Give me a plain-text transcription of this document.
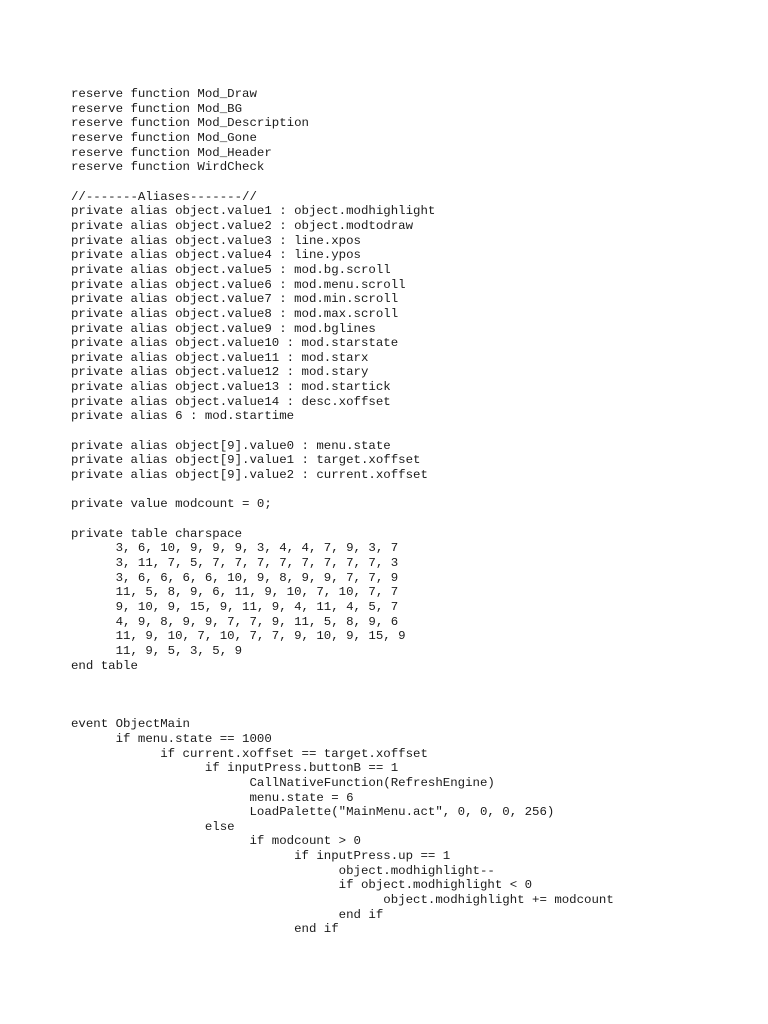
reserve function Mod_Draw
reserve function Mod_BG
reserve function Mod_Description
reserve function Mod_Gone
reserve function Mod_Header
reserve function WirdCheck
//-------Aliases-------//
private alias object.value1 : object.modhighlight
private alias object.value2 : object.modtodraw
private alias object.value3 : line.xpos
private alias object.value4 : line.ypos
private alias object.value5 : mod.bg.scroll
private alias object.value6 : mod.menu.scroll
private alias object.value7 : mod.min.scroll
private alias object.value8 : mod.max.scroll
private alias object.value9 : mod.bglines
private alias object.value10 : mod.starstate
private alias object.value11 : mod.starx
private alias object.value12 : mod.stary
private alias object.value13 : mod.startick
private alias object.value14 : desc.xoffset
private alias 6 : mod.startime
private alias object[9].value0 : menu.state
private alias object[9].value1 : target.xoffset
private alias object[9].value2 : current.xoffset
private value modcount = 0;
private table charspace
3, 6, 10, 9, 9, 9, 3, 4, 4, 7, 9, 3, 7
3, 11, 7, 5, 7, 7, 7, 7, 7, 7, 7, 7, 3
3, 6, 6, 6, 6, 10, 9, 8, 9, 9, 7, 7, 9
11, 5, 8, 9, 6, 11, 9, 10, 7, 10, 7, 7
9, 10, 9, 15, 9, 11, 9, 4, 11, 4, 5, 7
4, 9, 8, 9, 9, 7, 7, 9, 11, 5, 8, 9, 6
11, 9, 10, 7, 10, 7, 7, 9, 10, 9, 15, 9
11, 9, 5, 3, 5, 9
end table
event ObjectMain
if menu.state == 1000
if current.xoffset == target.xoffset
if inputPress.buttonB == 1
CallNativeFunction(RefreshEngine)
menu.state = 6
LoadPalette("MainMenu.act", 0, 0, 0, 256)
else
if modcount > 0
if inputPress.up == 1
object.modhighlight--
if object.modhighlight < 0
object.modhighlight += modcount
end if
end if
